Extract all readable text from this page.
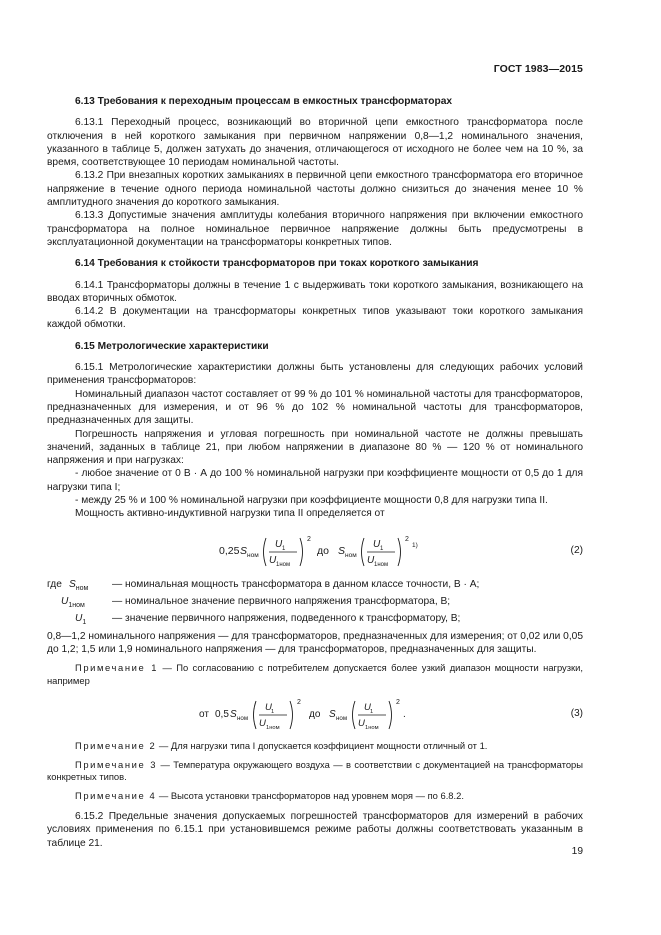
ГОСТ 1983—2015
6.13 Требования к переходным процессам в емкостных трансформаторах

6.13.1 Переходный процесс, возникающий во вторичной цепи емкостного трансформатора после отключения в ней короткого замыкания при первичном напряжении 0,8—1,2 номинального значения, указанного в таблице 5, должен затухать до значения, отличающегося от исходного не более чем на 10 %, за время, соответствующее 10 периодам номинальной частоты.

6.13.2 При внезапных коротких замыканиях в первичной цепи емкостного трансформатора его вторичное напряжение в течение одного периода номинальной частоты должно снизиться до значения менее 10 % амплитудного значения до короткого замыкания.

6.13.3 Допустимые значения амплитуды колебания вторичного напряжения при включении емкостного трансформатора на полное номинальное первичное напряжение должны быть предусмотрены в эксплуатационной документации на трансформаторы конкретных типов.

6.14 Требования к стойкости трансформаторов при токах короткого замыкания

6.14.1 Трансформаторы должны в течение 1 с выдерживать токи короткого замыкания, возникающего на вводах вторичных обмоток.

6.14.2 В документации на трансформаторы конкретных типов указывают токи короткого замыкания каждой обмотки.

6.15 Метрологические характеристики

6.15.1 Метрологические характеристики должны быть установлены для следующих рабочих условий применения трансформаторов:

Номинальный диапазон частот составляет от 99 % до 101 % номинальной частоты для трансформаторов, предназначенных для измерения, и от 96 % до 102 % номинальной частоты для трансформаторов, предназначенных для защиты.

Погрешность напряжения и угловая погрешность при номинальной частоте не должны превышать значений, заданных в таблице 21, при любом напряжении в диапазоне 80 % — 120 % от номинального напряжения и при нагрузках:

- любое значение от 0 В · А до 100 % номинальной нагрузки при коэффициенте мощности от 0,5 до 1 для нагрузки типа I;

- между 25 % и 100 % номинальной нагрузки при коэффициенте мощности 0,8 для нагрузки типа II.

Мощность активно-индуктивной нагрузки типа II определяется от

0,25 S ном
U 1
U 1ном
2
до S ном
U 1
U 1ном
2
1)	(2)
где $S_{ном}$	— номинальная мощность трансформатора в данном классе точности, В · А;
$U_{1ном}$	— номинальное значение первичного напряжения трансформатора, В;
$U_1$	— значение первичного напряжения, подведенного к трансформатору, В;

0,8—1,2 номинального напряжения — для трансформаторов, предназначенных для измерения; от 0,02 или 0,05 до 1,2; 1,5 или 1,9 номинального напряжения — для трансформаторов, предназначенных для защиты.

Примечание 1 — По согласованию с потребителем допускается более узкий диапазон мощности нагрузки, например

от 0,5 S ном
U 1
U 1ном
2
до S ном
U 1
U 1ном
2
.	(3)

Примечание 2 — Для нагрузки типа I допускается коэффициент мощности отличный от 1.

Примечание 3 — Температура окружающего воздуха — в соответствии с документацией на трансформаторы конкретных типов.

Примечание 4 — Высота установки трансформаторов над уровнем моря — по 6.8.2.

6.15.2 Предельные значения допускаемых погрешностей трансформаторов для измерений в рабочих условиях применения по 6.15.1 при установившемся режиме работы должны соответствовать указанным в таблице 21.

19
